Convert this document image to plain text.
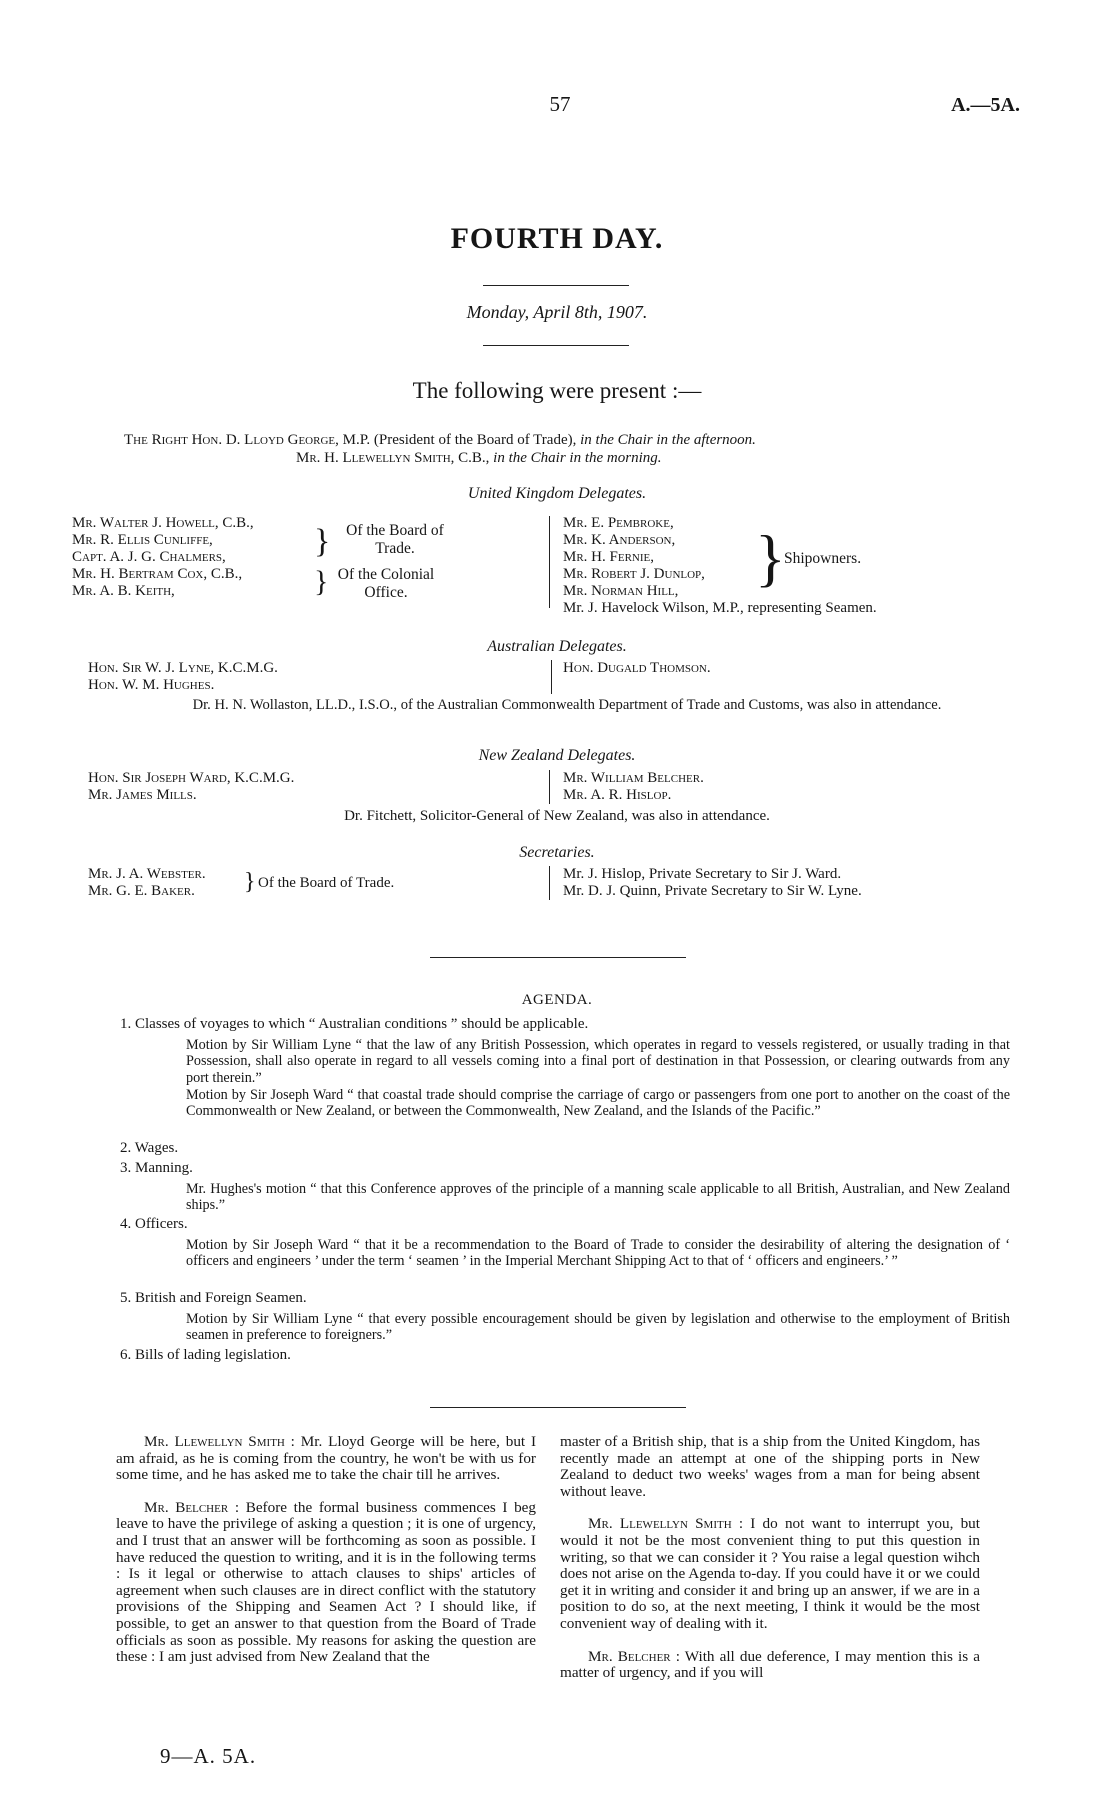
57	A.—5A.
FOURTH DAY.
Monday, April 8th, 1907.
The following were present :—
The Right Hon. D. Lloyd George, M.P. (President of the Board of Trade), in the Chair in the afternoon.
Mr. H. Llewellyn Smith, C.B., in the Chair in the morning.
United Kingdom Delegates.
Mr. Walter J. Howell, C.B.,
Mr. R. Ellis Cunliffe,
Capt. A. J. G. Chalmers,
Mr. H. Bertram Cox, C.B.,
Mr. A. B. Keith,
}	Of the Board of Trade.
} Of the Colonial Office.
Mr. E. Pembroke,
Mr. K. Anderson,
Mr. H. Fernie,
Mr. Robert J. Dunlop,
Mr. Norman Hill,
Mr. J. Havelock Wilson, M.P., representing Seamen.
}
Shipowners.
Australian Delegates.
Hon. Sir W. J. Lyne, K.C.M.G.
Hon. W. M. Hughes.
Hon. Dugald Thomson.
Dr. H. N. Wollaston, LL.D., I.S.O., of the Australian Commonwealth Department of Trade and Customs, was also in attendance.
New Zealand Delegates.
Hon. Sir Joseph Ward, K.C.M.G.
Mr. James Mills.
Mr. William Belcher.
Mr. A. R. Hislop.
Dr. Fitchett, Solicitor-General of New Zealand, was also in attendance.
Secretaries.
Mr. J. A. Webster.
Mr. G. E. Baker. } Of the Board of Trade.
Mr. J. Hislop, Private Secretary to Sir J. Ward.
Mr. D. J. Quinn, Private Secretary to Sir W. Lyne.
AGENDA.
1. Classes of voyages to which “ Australian conditions ” should be applicable.
Motion by Sir William Lyne “ that the law of any British Possession, which operates in regard to vessels registered, or usually trading in that Possession, shall also operate in regard to all vessels coming into a final port of destination in that Possession, or clearing outwards from any port therein.”
Motion by Sir Joseph Ward “ that coastal trade should comprise the carriage of cargo or passengers from one port to another on the coast of the Commonwealth or New Zealand, or between the Commonwealth, New Zealand, and the Islands of the Pacific.”
2. Wages.
3. Manning.
Mr. Hughes's motion “ that this Conference approves of the principle of a manning scale applicable to all British, Australian, and New Zealand ships.”
4. Officers.
Motion by Sir Joseph Ward “ that it be a recommendation to the Board of Trade to consider the desirability of altering the designation of ‘ officers and engineers ’ under the term ‘ seamen ’ in the Imperial Merchant Shipping Act to that of ‘ officers and engineers.’ ”
5. British and Foreign Seamen.
Motion by Sir William Lyne “ that every possible encouragement should be given by legislation and otherwise to the employment of British seamen in preference to foreigners.”
6. Bills of lading legislation.

Mr. Llewellyn Smith : Mr. Lloyd George will be here, but I am afraid, as he is coming from the country, he won't be with us for some time, and he has asked me to take the chair till he arrives.

Mr. Belcher : Before the formal business commences I beg leave to have the privilege of asking a question ; it is one of urgency, and I trust that an answer will be forthcoming as soon as possible. I have reduced the question to writing, and it is in the following terms : Is it legal or otherwise to attach clauses to ships' articles of agreement when such clauses are in direct conflict with the statutory provisions of the Shipping and Seamen Act ? I should like, if possible, to get an answer to that question from the Board of Trade officials as soon as possible. My reasons for asking the question are these : I am just advised from New Zealand that the

master of a British ship, that is a ship from the United Kingdom, has recently made an attempt at one of the shipping ports in New Zealand to deduct two weeks' wages from a man for being absent without leave.

Mr. Llewellyn Smith : I do not want to interrupt you, but would it not be the most convenient thing to put this question in writing, so that we can consider it ? You raise a legal question wihch does not arise on the Agenda to-day. If you could have it or we could get it in writing and consider it and bring up an answer, if we are in a position to do so, at the next meeting, I think it would be the most convenient way of dealing with it.

Mr. Belcher : With all due deference, I may mention this is a matter of urgency, and if you will

9—A. 5A.
